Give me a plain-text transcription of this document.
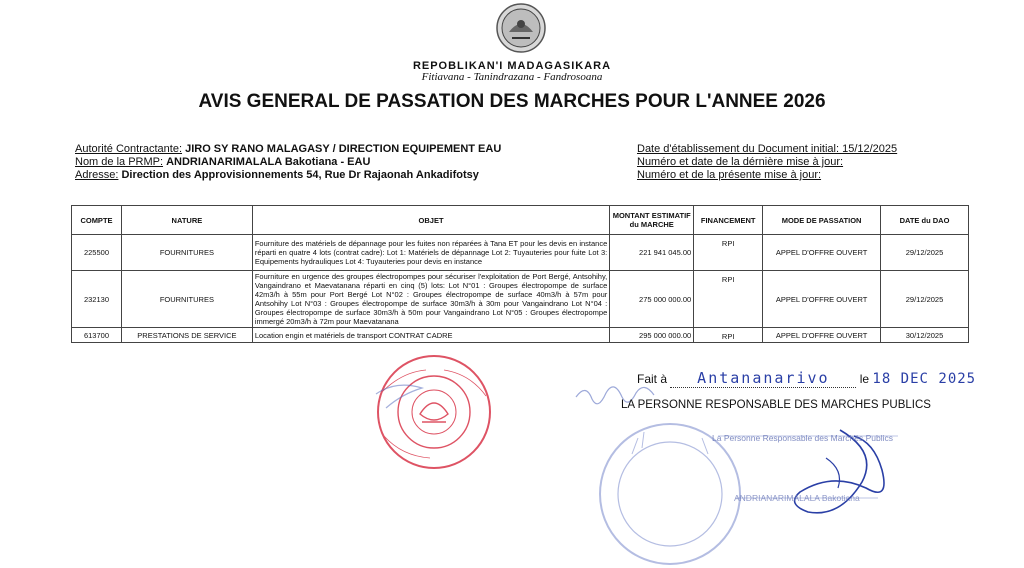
REPOBLIKAN'I MADAGASIKARA
Fitiavana - Tanindrazana - Fandrosoana
AVIS GENERAL DE PASSATION DES MARCHES POUR L'ANNEE 2026
Autorité Contractante: JIRO SY RANO MALAGASY / DIRECTION EQUIPEMENT EAU
Nom de la PRMP: ANDRIANARIMALALA Bakotiana - EAU
Adresse: Direction des Approvisionnements 54, Rue Dr Rajaonah Ankadifotsy
Date d'établissement du Document initial: 15/12/2025
Numéro et date de la dérnière mise à jour:
Numéro et de la présente mise à jour:
COMPTE	NATURE	OBJET	MONTANT ESTIMATIF du MARCHE	FINANCEMENT	MODE DE PASSATION	DATE du DAO
225500	FOURNITURES	Fourniture des matériels de dépannage pour les fuites non réparées à Tana ET pour les devis en instance réparti en quatre 4 lots (contrat cadre): Lot 1: Matériels de dépannage Lot 2: Tuyauteries pour fuite Lot 3: Equipements hydrauliques Lot 4: Tuyauteries pour devis en instance	221 941 045.00	RPI	APPEL D'OFFRE OUVERT	29/12/2025
232130	FOURNITURES	Fourniture en urgence des groupes électropompes pour sécuriser l'exploitation de Port Bergé, Antsohihy, Vangaindrano et Maevatanana réparti en cinq (5) lots: Lot N°01 : Groupes électropompe de surface 42m3/h à 55m pour Port Bergé Lot N°02 : Groupes électropompe de surface 40m3/h à 57m pour Antsohihy Lot N°03 : Groupes électropompe de surface 30m3/h à 30m pour Vangaindrano Lot N°04 : Groupes électropompe de surface 30m3/h à 50m pour Vangaindrano Lot N°05 : Groupes électropompe immergé 20m3/h à 72m pour Maevatanana	275 000 000.00	RPI	APPEL D'OFFRE OUVERT	29/12/2025
613700	PRESTATIONS DE SERVICE	Location engin et matériels de transport CONTRAT CADRE	295 000 000.00	RPI	APPEL D'OFFRE OUVERT	30/12/2025
La Personne Responsable des Marchés Publics
ANDRIANARIMALALA Bakotiana
Fait à Antananarivo	le 18 DEC 2025
LA PERSONNE RESPONSABLE DES MARCHES PUBLICS
